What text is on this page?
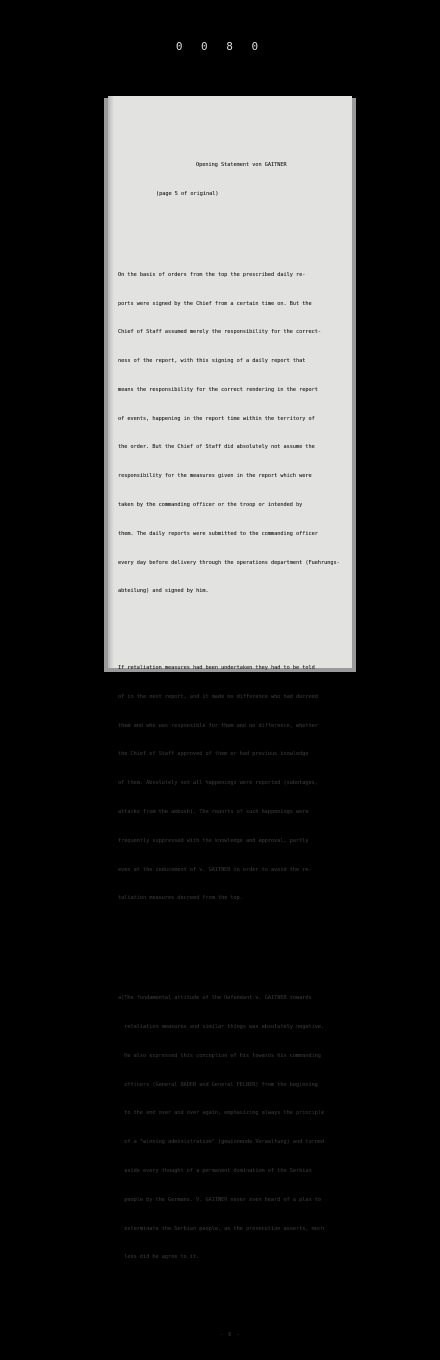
0 0 8 0

Opening Statement von GAITNER

(page 5 of original)

On the basis of orders from the top the prescribed daily re-

ports were signed by the Chief from a certain time on. But the

Chief of Staff assumed merely the responsibility for the correct-

ness of the report, with this signing of a daily report that

means the responsibility for the correct rendering in the report

of events, happening in the report time within the territory of

the order. But the Chief of Staff did absolutely not assume the

responsibility for the measures given in the report which were

taken by the commanding officer or the troop or intended by

them. The daily reports were submitted to the commanding officer

every day before delivery through the operations department (Fuehrungs-

abteilung) and signed by him.

If retaliation measures had been undertaken they had to be told

of in the next report, and it made no difference who had decreed

them and who was responsible for them and no difference, whether

the Chief of Staff approved of them or had previous knowledge

of them. Absolutely not all happenings were reported (sabotages,

attacks from the ambush). The reports of such happenings were

frequently suppressed with the knowledge and approval, partly

even at the inducement of v. GAITNER in order to avoid the re-

taliation measures decreed from the top.

a)The fundamental attitude of the Defendant v. GAITNER towards

retaliation measures and similar things was absolutely negative.

He also expressed this conception of his towards his commanding

officers (General BADER and General FELBER) from the beginning

to the end over and over again, emphasizing always the principle

of a "winning administration" (gewinnende Verwaltung) and turned

aside every thought of a permanent domination of the Serbian

people by the Germans. V. GAITNER never even heard of a plan to

exterminate the Serbian people, as the prosecution asserts, much

less did he agree to it.

- 6 -
